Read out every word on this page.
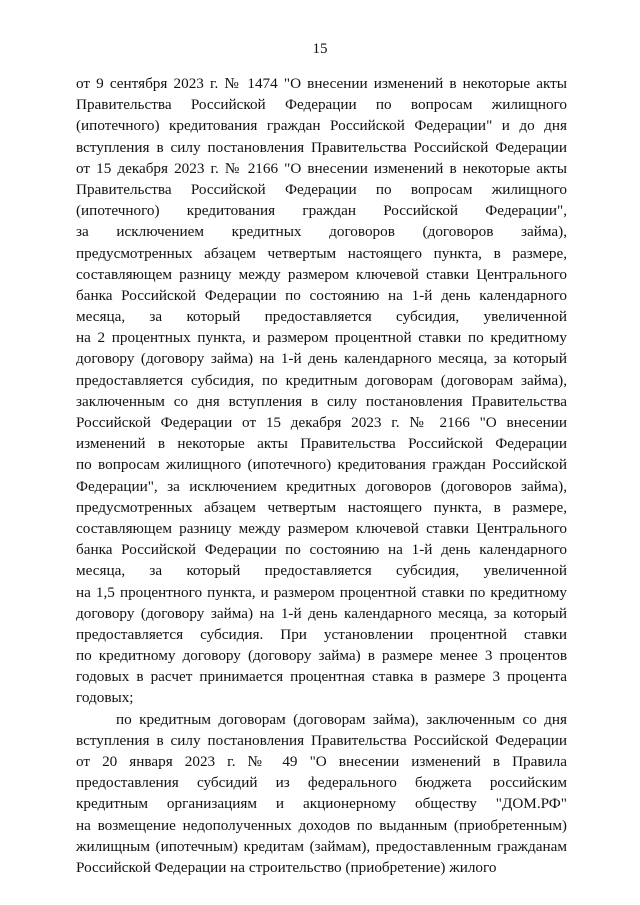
15
от 9 сентября 2023 г. № 1474 "О внесении изменений в некоторые акты
Правительства Российской Федерации по вопросам жилищного
(ипотечного) кредитования граждан Российской Федерации" и до дня
вступления в силу постановления Правительства Российской Федерации
от 15 декабря 2023 г. № 2166 "О внесении изменений в некоторые акты
Правительства Российской Федерации по вопросам жилищного
(ипотечного) кредитования граждан Российской Федерации",
за исключением кредитных договоров (договоров займа),
предусмотренных абзацем четвертым настоящего пункта, в размере,
составляющем разницу между размером ключевой ставки Центрального
банка Российской Федерации по состоянию на 1-й день календарного
месяца, за который предоставляется субсидия, увеличенной
на 2 процентных пункта, и размером процентной ставки по кредитному
договору (договору займа) на 1-й день календарного месяца, за который
предоставляется субсидия, по кредитным договорам (договорам займа),
заключенным со дня вступления в силу постановления Правительства
Российской Федерации от 15 декабря 2023 г. № 2166 "О внесении
изменений в некоторые акты Правительства Российской Федерации
по вопросам жилищного (ипотечного) кредитования граждан Российской
Федерации", за исключением кредитных договоров (договоров займа),
предусмотренных абзацем четвертым настоящего пункта, в размере,
составляющем разницу между размером ключевой ставки Центрального
банка Российской Федерации по состоянию на 1-й день календарного
месяца, за который предоставляется субсидия, увеличенной
на 1,5 процентного пункта, и размером процентной ставки по кредитному
договору (договору займа) на 1-й день календарного месяца, за который
предоставляется субсидия. При установлении процентной ставки
по кредитному договору (договору займа) в размере менее 3 процентов
годовых в расчет принимается процентная ставка в размере 3 процента
годовых;
по кредитным договорам (договорам займа), заключенным со дня
вступления в силу постановления Правительства Российской Федерации
от 20 января 2023 г. № 49 "О внесении изменений в Правила
предоставления субсидий из федерального бюджета российским
кредитным организациям и акционерному обществу "ДОМ.РФ"
на возмещение недополученных доходов по выданным (приобретенным)
жилищным (ипотечным) кредитам (займам), предоставленным гражданам
Российской Федерации на строительство (приобретение) жилого
